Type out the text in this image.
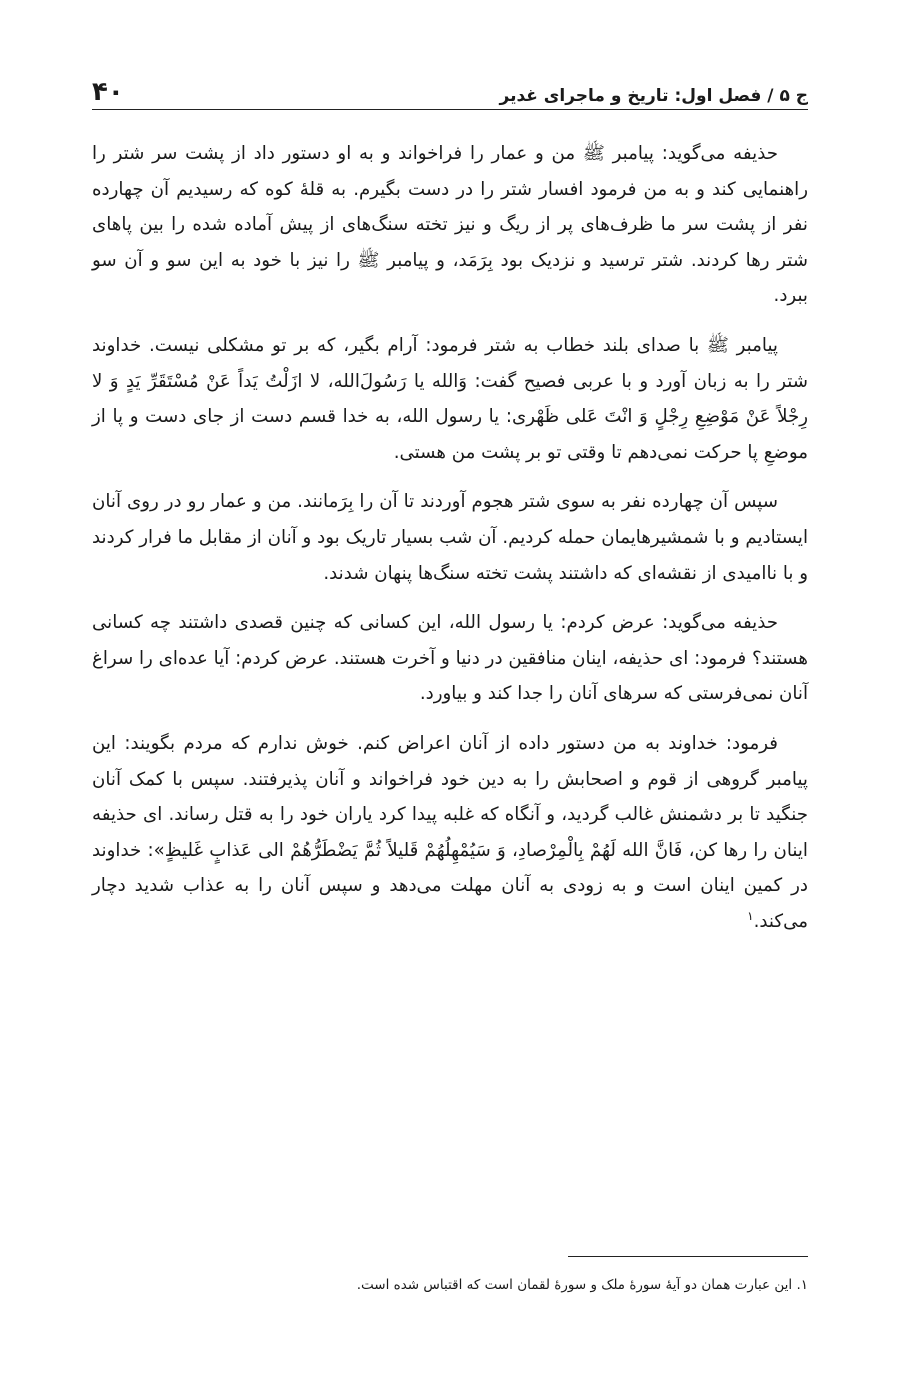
ج ۵ / فصل اول: تاریخ و ماجرای غدیر
۴۰

حذیفه می‌گوید: پیامبر ﷺ من و عمار را فراخواند و به او دستور داد از پشت سر شتر را راهنمایی کند و به من فرمود افسار شتر را در دست بگیرم. به قلهٔ کوه که رسیدیم آن چهارده نفر از پشت سر ما ظرف‌های پر از ریگ و نیز تخته سنگ‌های از پیش آماده شده را بین پاهای شتر رها کردند. شتر ترسید و نزدیک بود بِرَمَد، و پیامبر ﷺ را نیز با خود به این سو و آن سو ببرد.

پیامبر ﷺ با صدای بلند خطاب به شتر فرمود: آرام بگیر، که بر تو مشکلی نیست. خداوند شتر را به زبان آورد و با عربی فصیح گفت: وَالله یا رَسُولَ‌الله، لا ازَلْتُ یَداً عَنْ مُسْتَقَرِّ یَدٍ وَ لا رِجْلاً عَنْ مَوْضِعِ رِجْلٍ وَ انْتَ عَلی ظَهْری: یا رسول الله، به خدا قسم دست از جای دست و پا از موضعِ پا حرکت نمی‌دهم تا وقتی تو بر پشت من هستی.

سپس آن چهارده نفر به سوی شتر هجوم آوردند تا آن را بِرَمانند. من و عمار رو در روی آنان ایستادیم و با شمشیرهایمان حمله کردیم. آن شب بسیار تاریک بود و آنان از مقابل ما فرار کردند و با ناامیدی از نقشه‌ای که داشتند پشت تخته سنگ‌ها پنهان شدند.

حذیفه می‌گوید: عرض کردم: یا رسول الله، این کسانی که چنین قصدی داشتند چه کسانی هستند؟ فرمود: ای حذیفه، اینان منافقین در دنیا و آخرت هستند. عرض کردم: آیا عده‌ای را سراغ آنان نمی‌فرستی که سرهای آنان را جدا کند و بیاورد.

فرمود: خداوند به من دستور داده از آنان اعراض کنم. خوش ندارم که مردم بگویند: این پیامبر گروهی از قوم و اصحابش را به دین خود فراخواند و آنان پذیرفتند. سپس با کمک آنان جنگید تا بر دشمنش غالب گردید، و آنگاه که غلبه پیدا کرد یاران خود را به قتل رساند. ای حذیفه اینان را رها کن، فَانَّ الله لَهُمْ بِالْمِرْصادِ، وَ سَیُمْهِلُهُمْ قَلیلاً ثُمَّ یَضْطَرُّهُمْ الی عَذابٍ غَلیظٍ»: خداوند در کمین اینان است و به زودی به آنان مهلت می‌دهد و سپس آنان را به عذاب شدید دچار می‌کند.$^۱$

۱. این عبارت همان دو آیهٔ سورهٔ ملک و سورهٔ لقمان است که اقتباس شده است.
